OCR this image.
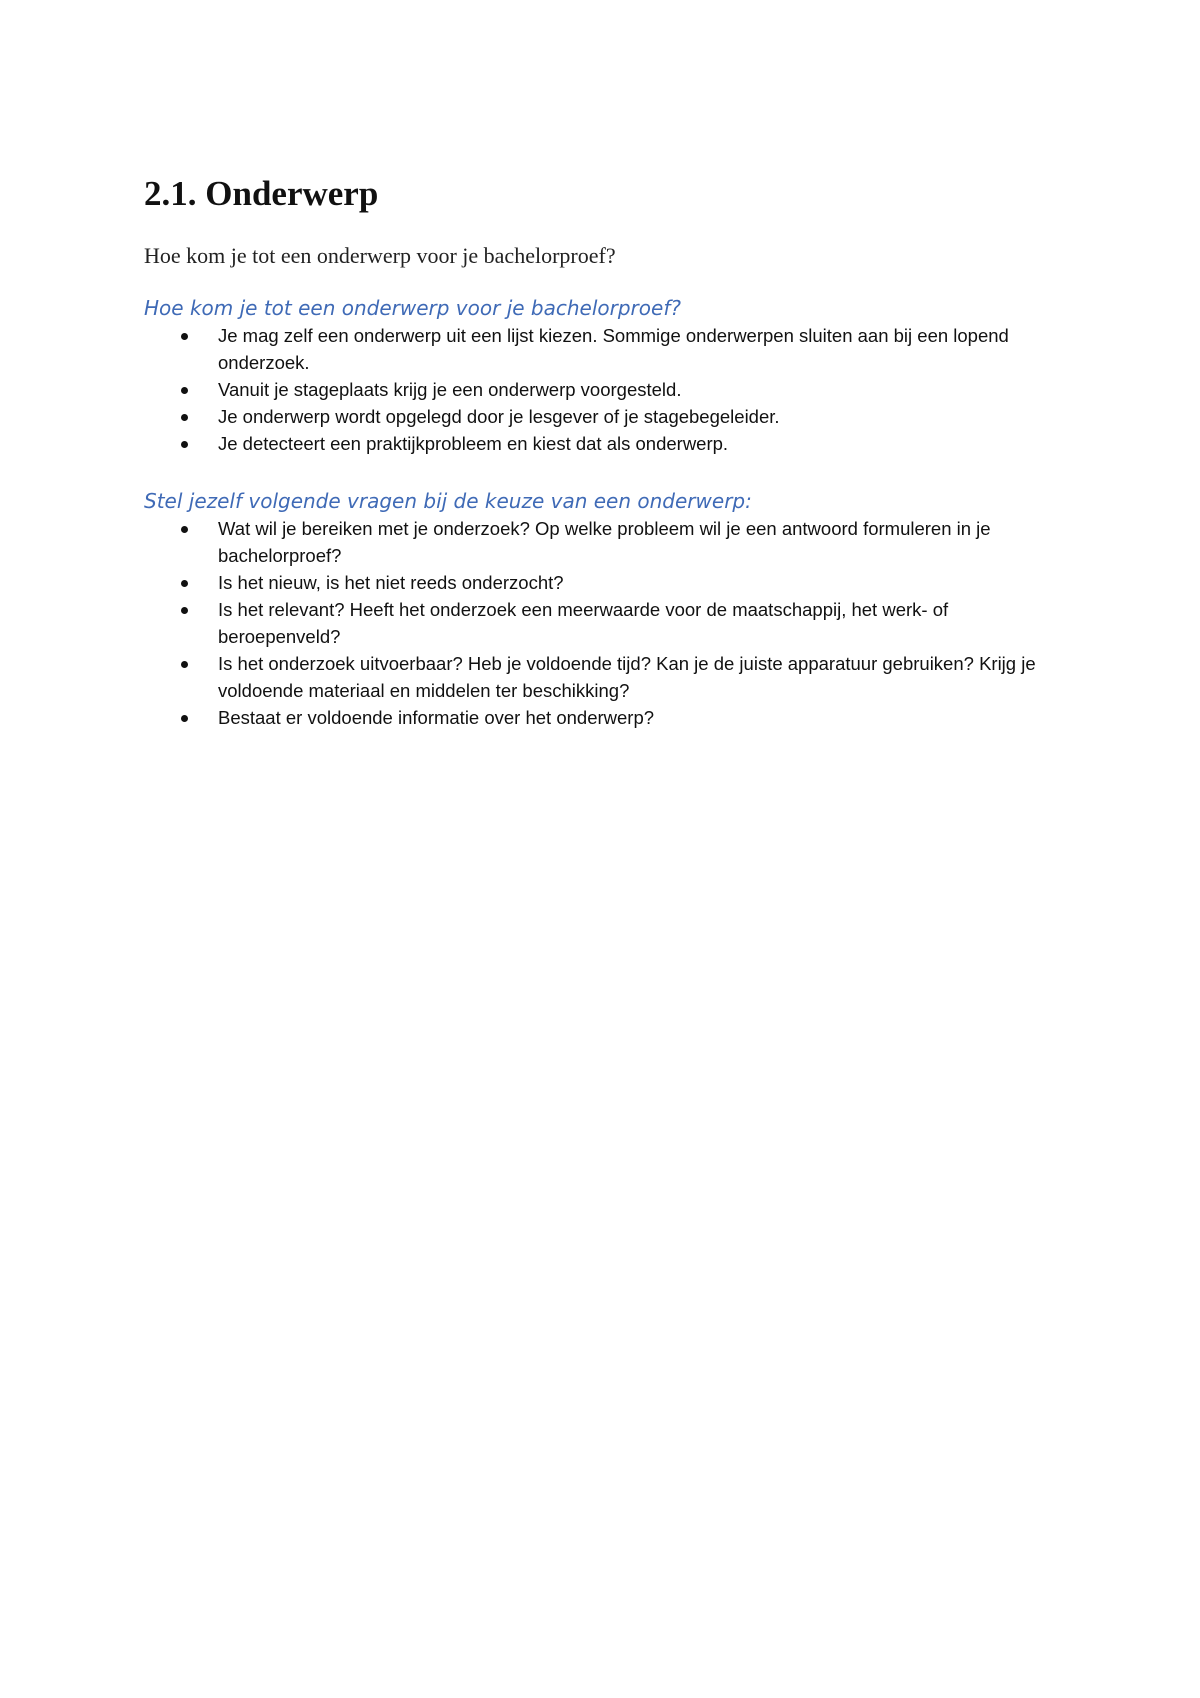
2.1. Onderwerp

Hoe kom je tot een onderwerp voor je bachelorproef?

Hoe kom je tot een onderwerp voor je bachelorproef?

Je mag zelf een onderwerp uit een lijst kiezen. Sommige onderwerpen sluiten aan bij een lopend onderzoek.
Vanuit je stageplaats krijg je een onderwerp voorgesteld.
Je onderwerp wordt opgelegd door je lesgever of je stagebegeleider.
Je detecteert een praktijkprobleem en kiest dat als onderwerp.

Stel jezelf volgende vragen bij de keuze van een onderwerp:

Wat wil je bereiken met je onderzoek? Op welke probleem wil je een antwoord formuleren in je bachelorproef?
Is het nieuw, is het niet reeds onderzocht?
Is het relevant? Heeft het onderzoek een meerwaarde voor de maatschappij, het werk- of beroepenveld?
Is het onderzoek uitvoerbaar? Heb je voldoende tijd? Kan je de juiste apparatuur gebruiken? Krijg je voldoende materiaal en middelen ter beschikking?
Bestaat er voldoende informatie over het onderwerp?
